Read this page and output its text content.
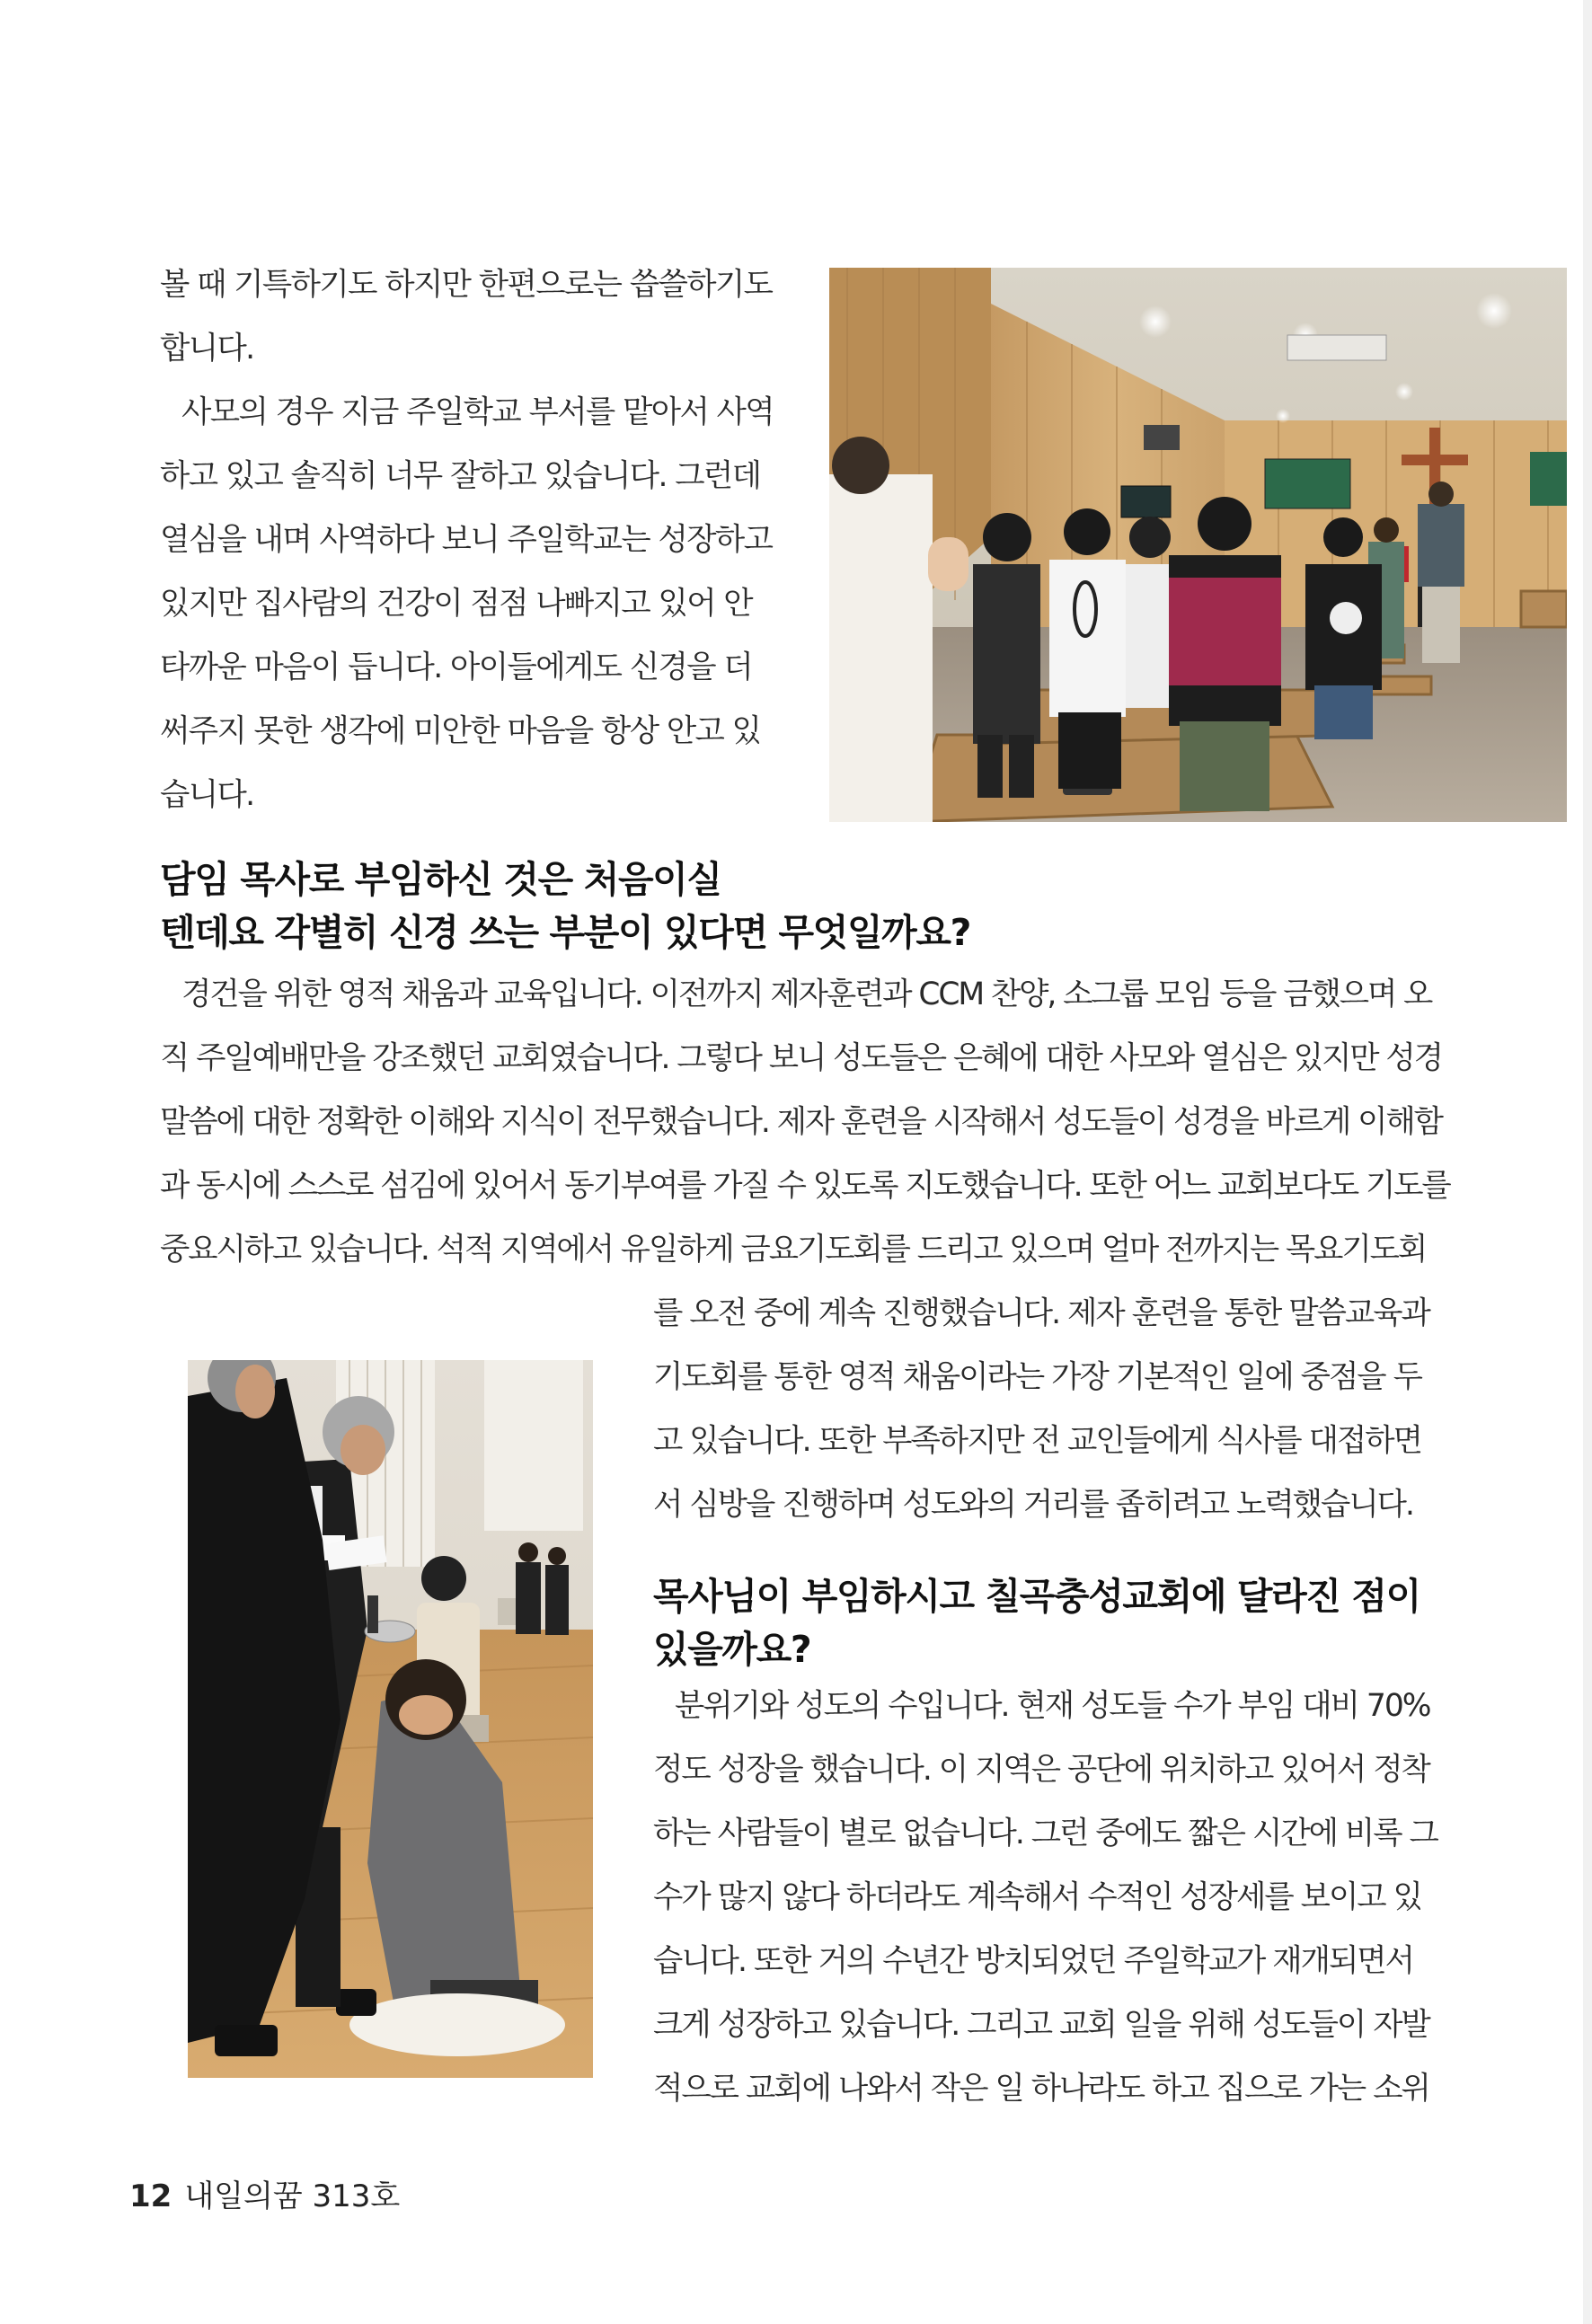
볼 때 기특하기도 하지만 한편으로는 씁쓸하기도
합니다.
사모의 경우 지금 주일학교 부서를 맡아서 사역
하고 있고 솔직히 너무 잘하고 있습니다. 그런데
열심을 내며 사역하다 보니 주일학교는 성장하고
있지만 집사람의 건강이 점점 나빠지고 있어 안
타까운 마음이 듭니다. 아이들에게도 신경을 더
써주지 못한 생각에 미안한 마음을 항상 안고 있
습니다.
담임 목사로 부임하신 것은 처음이실
텐데요 각별히 신경 쓰는 부분이 있다면 무엇일까요?
경건을 위한 영적 채움과 교육입니다. 이전까지 제자훈련과 CCM 찬양, 소그룹 모임 등을 금했으며 오
직 주일예배만을 강조했던 교회였습니다. 그렇다 보니 성도들은 은혜에 대한 사모와 열심은 있지만 성경
말씀에 대한 정확한 이해와 지식이 전무했습니다. 제자 훈련을 시작해서 성도들이 성경을 바르게 이해함
과 동시에 스스로 섬김에 있어서 동기부여를 가질 수 있도록 지도했습니다. 또한 어느 교회보다도 기도를
중요시하고 있습니다. 석적 지역에서 유일하게 금요기도회를 드리고 있으며 얼마 전까지는 목요기도회
를 오전 중에 계속 진행했습니다. 제자 훈련을 통한 말씀교육과
기도회를 통한 영적 채움이라는 가장 기본적인 일에 중점을 두
고 있습니다. 또한 부족하지만 전 교인들에게 식사를 대접하면
서 심방을 진행하며 성도와의 거리를 좁히려고 노력했습니다.
목사님이 부임하시고 칠곡충성교회에 달라진 점이
있을까요?
분위기와 성도의 수입니다. 현재 성도들 수가 부임 대비 70%
정도 성장을 했습니다. 이 지역은 공단에 위치하고 있어서 정착
하는 사람들이 별로 없습니다. 그런 중에도 짧은 시간에 비록 그
수가 많지 않다 하더라도 계속해서 수적인 성장세를 보이고 있
습니다. 또한 거의 수년간 방치되었던 주일학교가 재개되면서
크게 성장하고 있습니다. 그리고 교회 일을 위해 성도들이 자발
적으로 교회에 나와서 작은 일 하나라도 하고 집으로 가는 소위
12 내일의꿈 313호
